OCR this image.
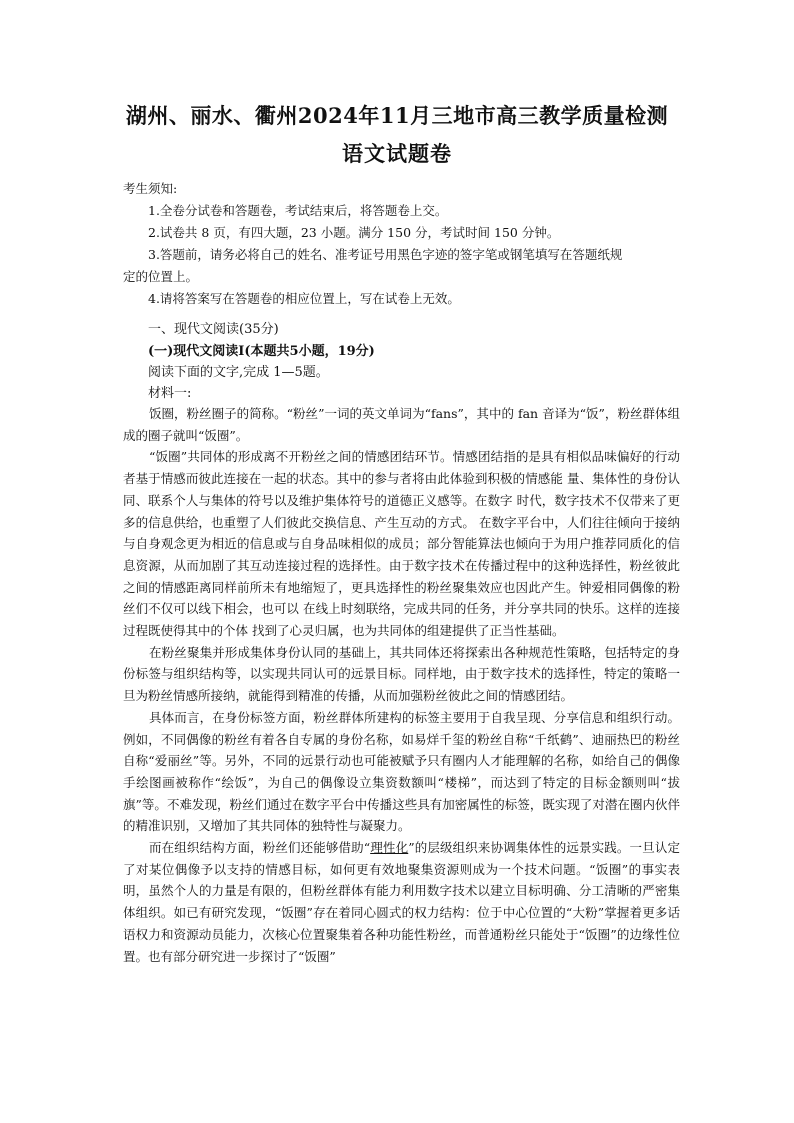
湖州、丽水、衢州2024年11月三地市高三教学质量检测
语文试题卷

考生须知:

1.全卷分试卷和答题卷，考试结束后，将答题卷上交。

2.试卷共 8 页，有四大题，23 小题。满分 150 分，考试时间 150 分钟。

3.答题前，请务必将自己的姓名、准考证号用黑色字迹的签字笔或钢笔填写在答题纸规

定的位置上。

4.请将答案写在答题卷的相应位置上，写在试卷上无效。

一、现代文阅读(35分)

(一)现代文阅读Ⅰ(本题共5小题，19分)

阅读下面的文字,完成 1—5题。

材料一:

饭圈，粉丝圈子的简称。“粉丝”一词的英文单词为“fans”，其中的 fan 音译为“饭”，粉丝群体组成的圈子就叫“饭圈”。

“饭圈”共同体的形成离不开粉丝之间的情感团结环节。情感团结指的是具有相似品味偏好的行动者基于情感而彼此连接在一起的状态。其中的参与者将由此体验到积极的情感能 量、集体性的身份认同、联系个人与集体的符号以及维护集体符号的道德正义感等。在数字 时代，数字技术不仅带来了更多的信息供给，也重塑了人们彼此交换信息、产生互动的方式。 在数字平台中，人们往往倾向于接纳与自身观念更为相近的信息或与自身品味相似的成员；部分智能算法也倾向于为用户推荐同质化的信息资源，从而加剧了其互动连接过程的选择性。由于数字技术在传播过程中的这种选择性，粉丝彼此之间的情感距离同样前所未有地缩短了，更具选择性的粉丝聚集效应也因此产生。钟爱相同偶像的粉丝们不仅可以线下相会，也可以 在线上时刻联络，完成共同的任务，并分享共同的快乐。这样的连接过程既使得其中的个体 找到了心灵归属，也为共同体的组建提供了正当性基础。

在粉丝聚集并形成集体身份认同的基础上，其共同体还将探索出各种规范性策略，包括特定的身份标签与组织结构等，以实现共同认可的远景目标。同样地，由于数字技术的选择性，特定的策略一旦为粉丝情感所接纳，就能得到精准的传播，从而加强粉丝彼此之间的情感团结。

具体而言，在身份标签方面，粉丝群体所建构的标签主要用于自我呈现、分享信息和组织行动。例如，不同偶像的粉丝有着各自专属的身份名称，如易烊千玺的粉丝自称“千纸鹤”、迪丽热巴的粉丝自称“爱丽丝”等。另外，不同的远景行动也可能被赋予只有圈内人才能理解的名称，如给自己的偶像手绘图画被称作“绘饭”，为自己的偶像设立集资数额叫“楼梯”，而达到了特定的目标金额则叫“拔旗”等。不难发现，粉丝们通过在数字平台中传播这些具有加密属性的标签，既实现了对潜在圈内伙伴的精准识别，又增加了其共同体的独特性与凝聚力。

而在组织结构方面，粉丝们还能够借助“理性化”的层级组织来协调集体性的远景实践。一旦认定了对某位偶像予以支持的情感目标，如何更有效地聚集资源则成为一个技术问题。“饭圈”的事实表明，虽然个人的力量是有限的，但粉丝群体有能力利用数字技术以建立目标明确、分工清晰的严密集体组织。如已有研究发现，“饭圈”存在着同心圆式的权力结构：位于中心位置的“大粉”掌握着更多话语权力和资源动员能力，次核心位置聚集着各种功能性粉丝，而普通粉丝只能处于“饭圈”的边缘性位置。也有部分研究进一步探讨了“饭圈”
